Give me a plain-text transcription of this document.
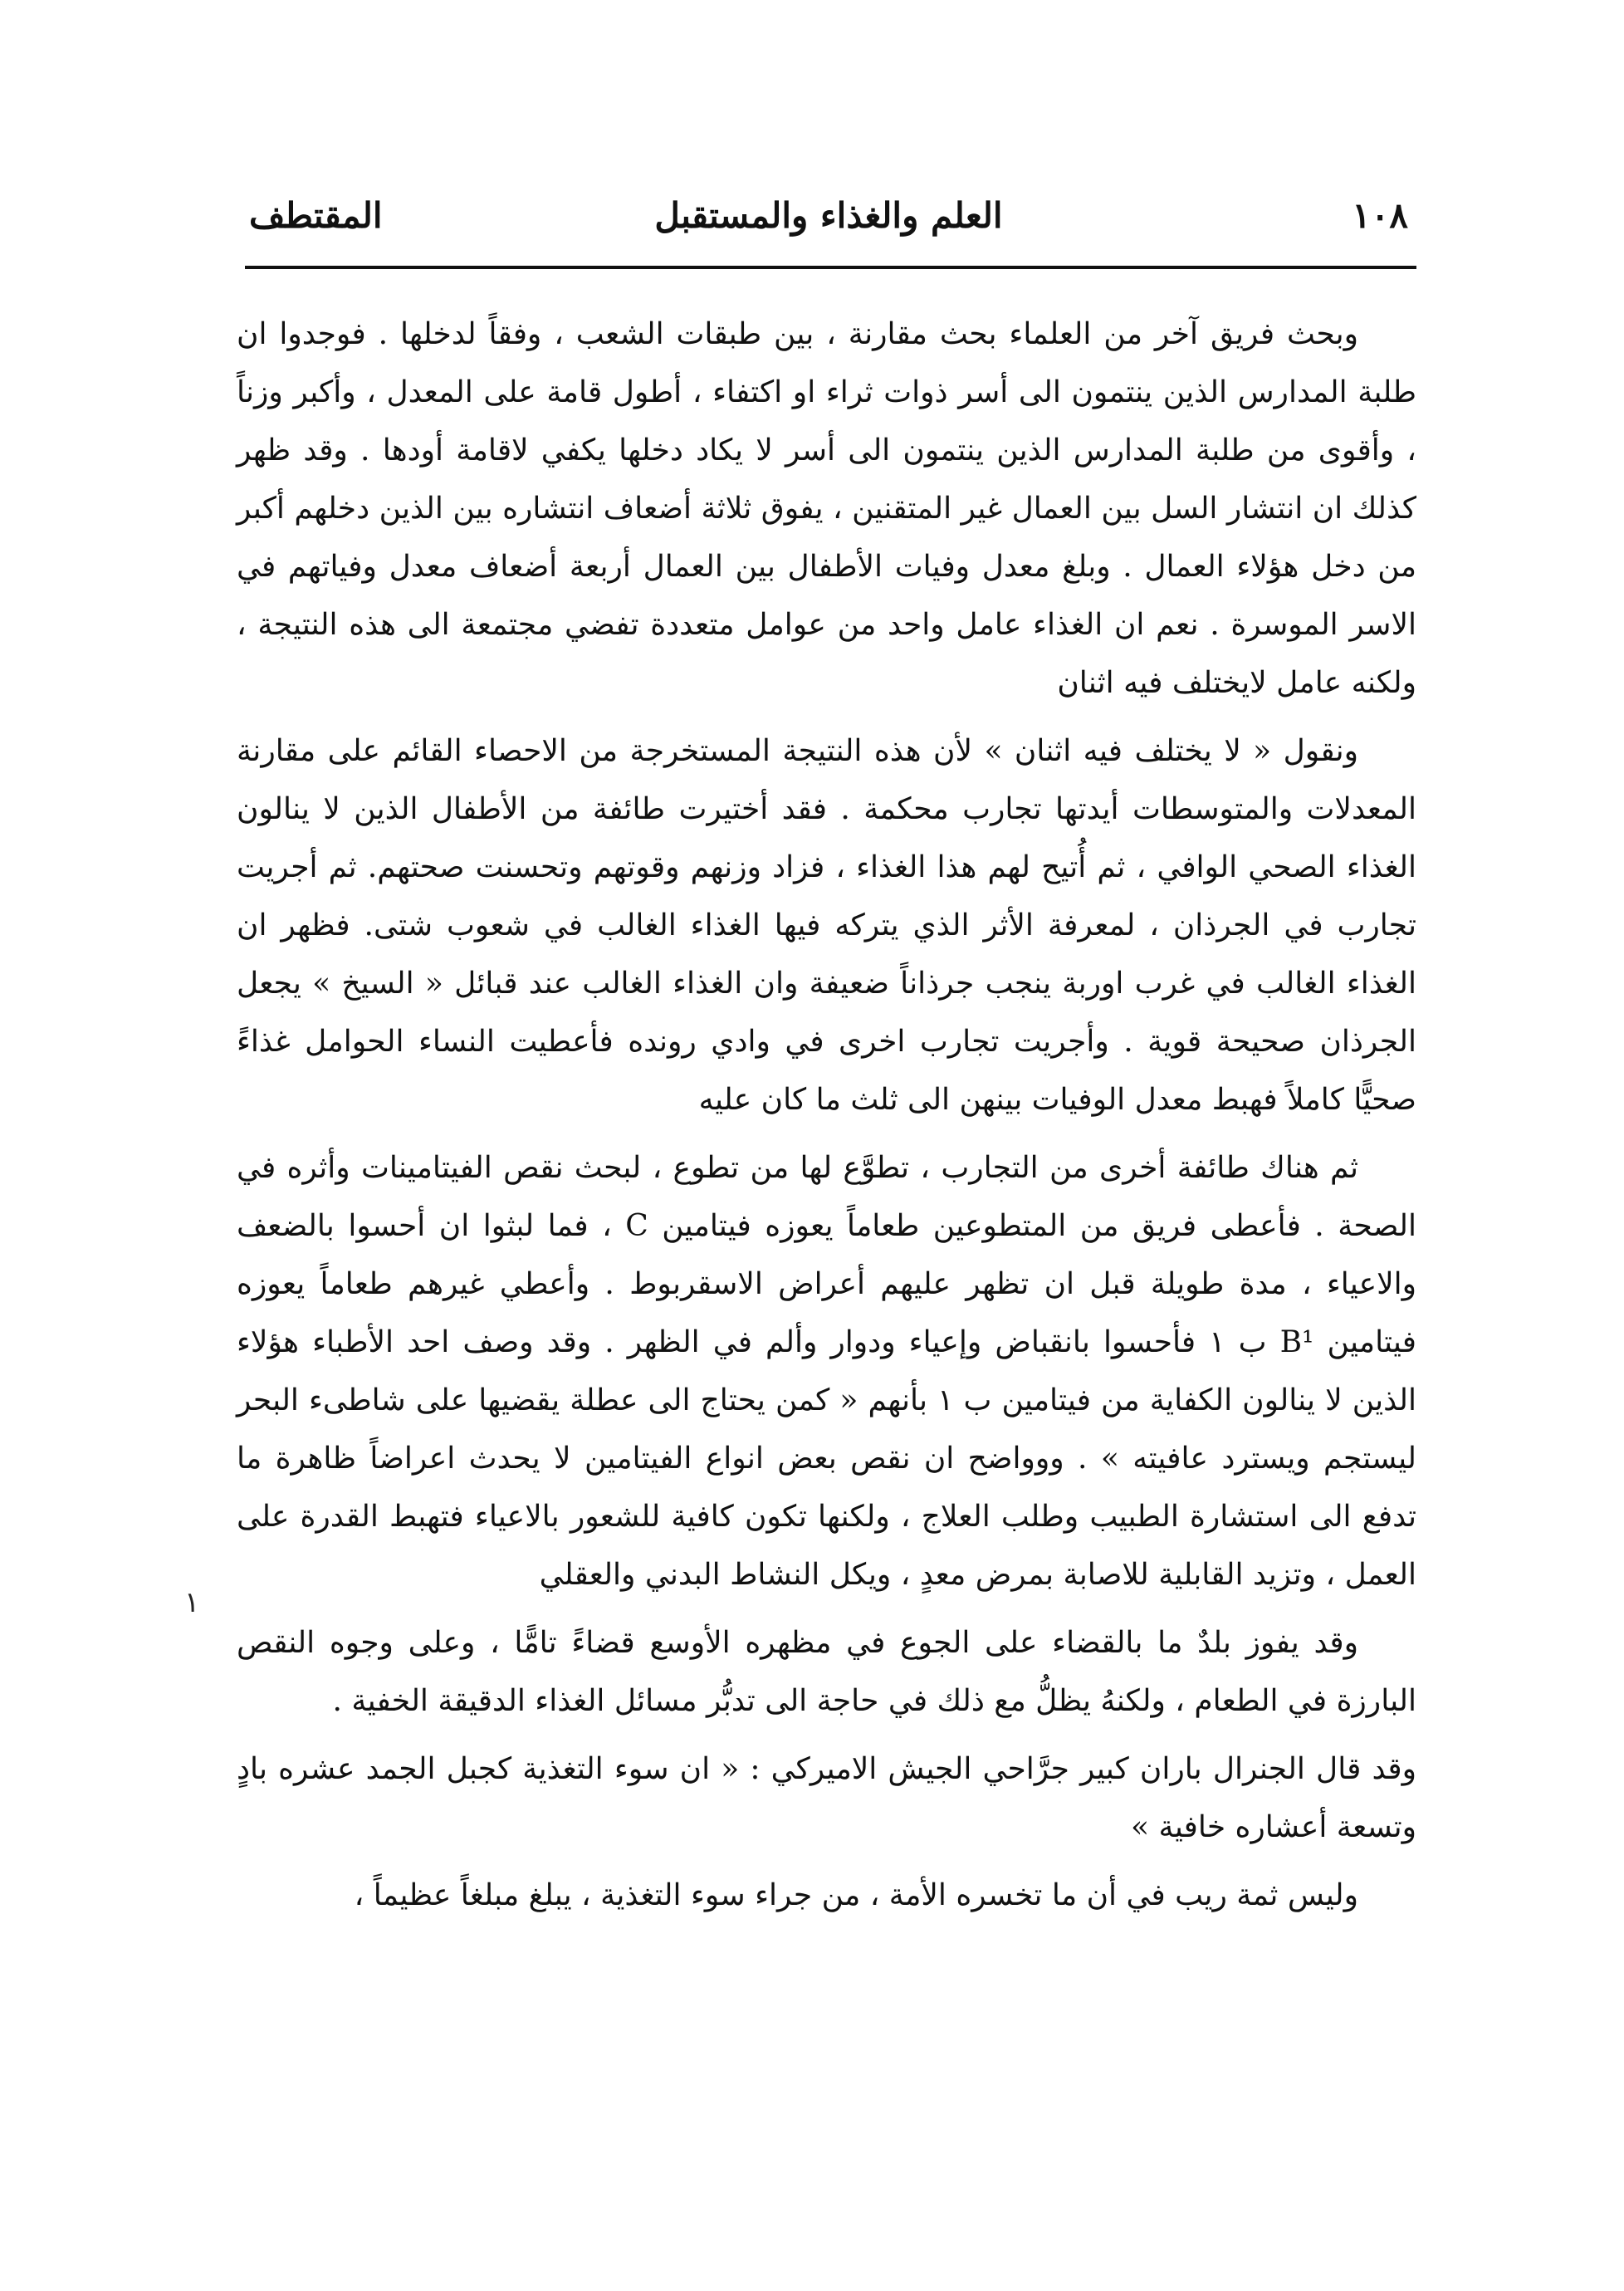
١٠٨
العلم والغذاء والمستقبل
المقتطف

وبحث فريق آخر من العلماء بحث مقارنة ، بين طبقات الشعب ، وفقاً لدخلها . فوجدوا ان طلبة المدارس الذين ينتمون الى أسر ذوات ثراء او اكتفاء ، أطول قامة على المعدل ، وأكبر وزناً ، وأقوى من طلبة المدارس الذين ينتمون الى أسر لا يكاد دخلها يكفي لاقامة أودها . وقد ظهر كذلك ان انتشار السل بين العمال غير المتقنين ، يفوق ثلاثة أضعاف انتشاره بين الذين دخلهم أكبر من دخل هؤلاء العمال . وبلغ معدل وفيات الأطفال بين العمال أربعة أضعاف معدل وفياتهم في الاسر الموسرة . نعم ان الغذاء عامل واحد من عوامل متعددة تفضي مجتمعة الى هذه النتيجة ، ولكنه عامل لايختلف فيه اثنان

ونقول « لا يختلف فيه اثنان » لأن هذه النتيجة المستخرجة من الاحصاء القائم على مقارنة المعدلات والمتوسطات أيدتها تجارب محكمة . فقد أختيرت طائفة من الأطفال الذين لا ينالون الغذاء الصحي الوافي ، ثم أُتيح لهم هذا الغذاء ، فزاد وزنهم وقوتهم وتحسنت صحتهم. ثم أجريت تجارب في الجرذان ، لمعرفة الأثر الذي يتركه فيها الغذاء الغالب في شعوب شتى. فظهر ان الغذاء الغالب في غرب اوربة ينجب جرذاناً ضعيفة وان الغذاء الغالب عند قبائل « السيخ » يجعل الجرذان صحيحة قوية . وأجريت تجارب اخرى في وادي رونده فأعطيت النساء الحوامل غذاءً صحيًّا كاملاً فهبط معدل الوفيات بينهن الى ثلث ما كان عليه

ثم هناك طائفة أخرى من التجارب ، تطوَّع لها من تطوع ، لبحث نقص الفيتامينات وأثره في الصحة . فأعطى فريق من المتطوعين طعاماً يعوزه فيتامين C ، فما لبثوا ان أحسوا بالضعف والاعياء ، مدة طويلة قبل ان تظهر عليهم أعراض الاسقربوط . وأعطي غيرهم طعاماً يعوزه فيتامين B¹ ب ١ فأحسوا بانقباض وإعياء ودوار وألم في الظهر . وقد وصف احد الأطباء هؤلاء الذين لا ينالون الكفاية من فيتامين ب ١ بأنهم « كمن يحتاج الى عطلة يقضيها على شاطىء البحر ليستجم ويسترد عافيته » . ووواضح ان نقص بعض انواع الفيتامين لا يحدث اعراضاً ظاهرة ما تدفع الى استشارة الطبيب وطلب العلاج ، ولكنها تكون كافية للشعور بالاعياء فتهبط القدرة على العمل ، وتزيد القابلية للاصابة بمرض معدٍ ، ويكل النشاط البدني والعقلي

وقد يفوز بلدٌ ما بالقضاء على الجوع في مظهره الأوسع قضاءً تامًّا ، وعلى وجوه النقص البارزة في الطعام ، ولكنهُ يظلُّ مع ذلك في حاجة الى تدبُّر مسائل الغذاء الدقيقة الخفية .

وقد قال الجنرال باران كبير جرَّاحي الجيش الاميركي : « ان سوء التغذية كجبل الجمد عشره بادٍ وتسعة أعشاره خافية »

وليس ثمة ريب في أن ما تخسره الأمة ، من جراء سوء التغذية ، يبلغ مبلغاً عظيماً ،

١
